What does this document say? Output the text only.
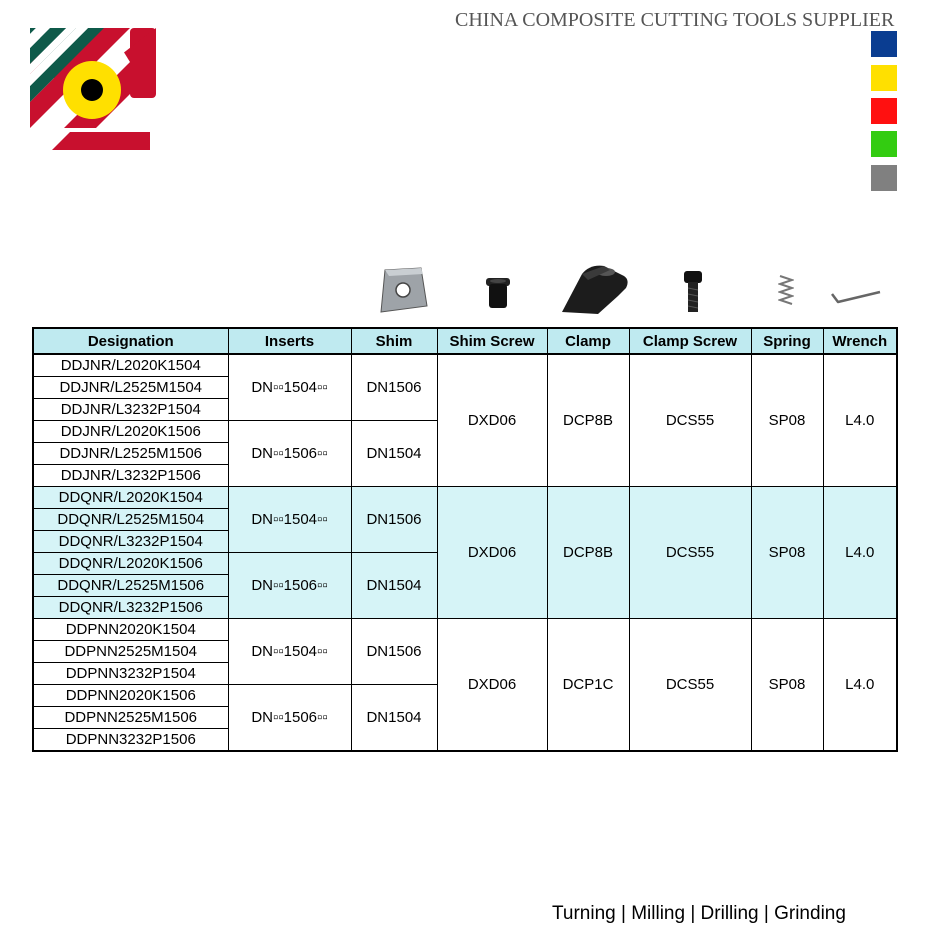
CHINA COMPOSITE CUTTING TOOLS SUPPLIER
Designation	Inserts	Shim	Shim Screw	Clamp	Clamp Screw	Spring	Wrench
DDJNR/L2020K1504	DN▫▫1504▫▫	DN1506	DXD06	DCP8B	DCS55	SP08	L4.0
DDJNR/L2525M1504							
DDJNR/L3232P1504							
DDJNR/L2020K1506	DN▫▫1506▫▫	DN1504					
DDJNR/L2525M1506							
DDJNR/L3232P1506							
DDQNR/L2020K1504	DN▫▫1504▫▫	DN1506	DXD06	DCP8B	DCS55	SP08	L4.0
DDQNR/L2525M1504							
DDQNR/L3232P1504							
DDQNR/L2020K1506	DN▫▫1506▫▫	DN1504					
DDQNR/L2525M1506							
DDQNR/L3232P1506							
DDPNN2020K1504	DN▫▫1504▫▫	DN1506	DXD06	DCP1C	DCS55	SP08	L4.0
DDPNN2525M1504							
DDPNN3232P1504							
DDPNN2020K1506	DN▫▫1506▫▫	DN1504					
DDPNN2525M1506							
DDPNN3232P1506							
Turning | Milling | Drilling | Grinding
